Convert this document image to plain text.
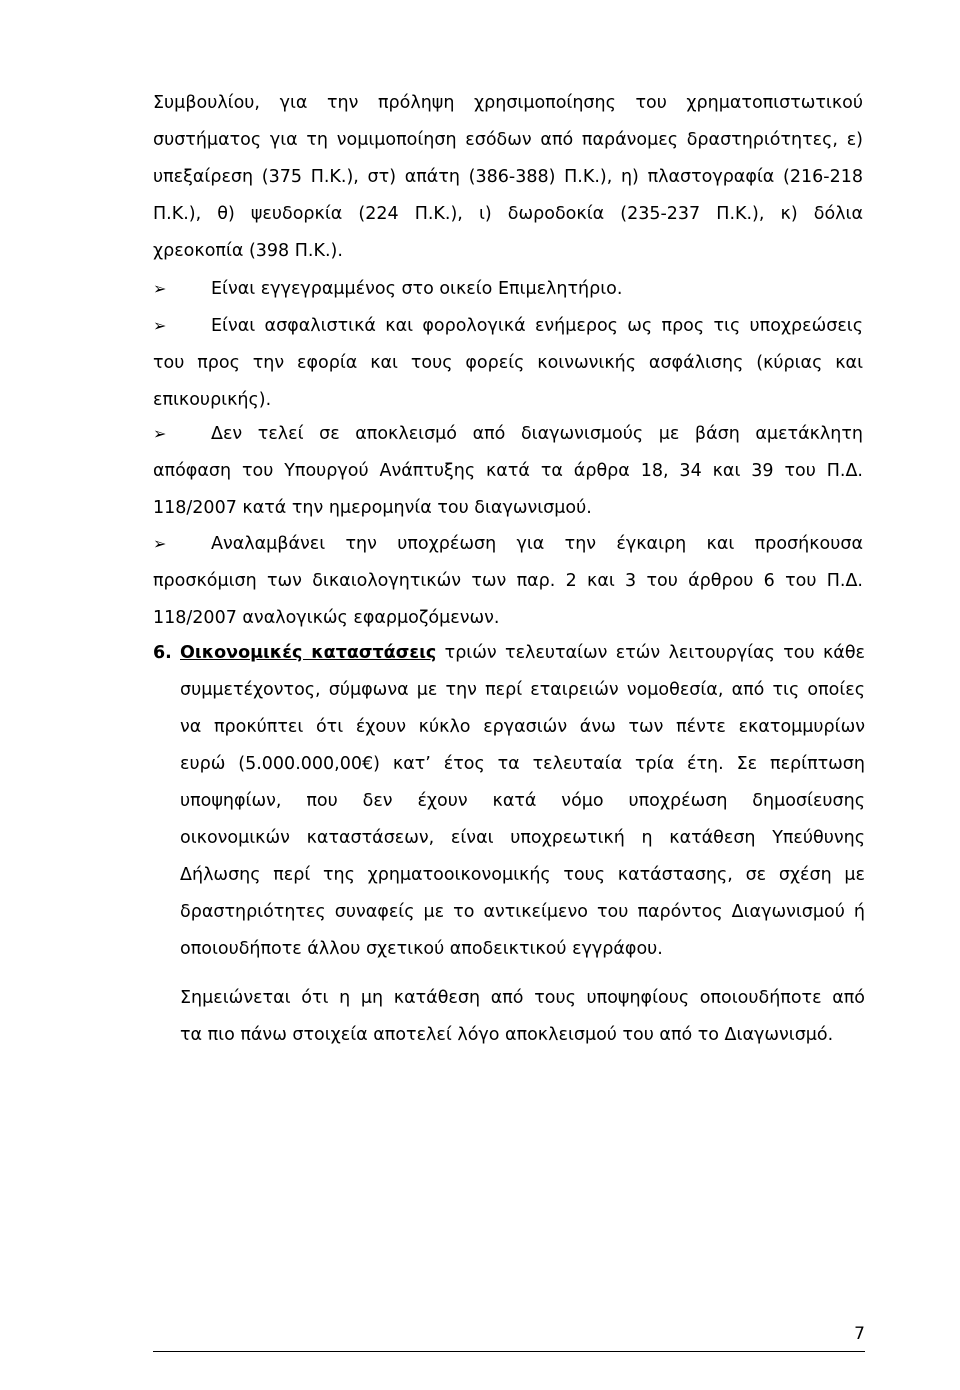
Συμβουλίου, για την πρόληψη χρησιμοποίησης του χρηματοπιστωτικού
συστήματος για τη νομιμοποίηση εσόδων από παράνομες δραστηριότητες, ε)
υπεξαίρεση (375 Π.Κ.), στ) απάτη (386-388) Π.Κ.), η) πλαστογραφία (216-218
Π.Κ.), θ) ψευδορκία (224 Π.Κ.), ι) δωροδοκία (235-237 Π.Κ.), κ) δόλια
χρεοκοπία (398 Π.Κ.).
➢	Είναι εγγεγραμμένος στο οικείο Επιμελητήριο.
➢	Είναι ασφαλιστικά και φορολογικά ενήμερος ως προς τις υποχρεώσεις
του προς την εφορία και τους φορείς κοινωνικής ασφάλισης (κύριας και
επικουρικής).
➢	Δεν τελεί σε αποκλεισμό από διαγωνισμούς με βάση αμετάκλητη
απόφαση του Υπουργού Ανάπτυξης κατά τα άρθρα 18, 34 και 39 του Π.Δ.
118/2007 κατά την ημερομηνία του διαγωνισμού.
➢	Αναλαμβάνει την υποχρέωση για την έγκαιρη και προσήκουσα
προσκόμιση των δικαιολογητικών των παρ. 2 και 3 του άρθρου 6 του Π.Δ.
118/2007 αναλογικώς εφαρμοζόμενων.
6. Οικονομικές καταστάσεις τριών τελευταίων ετών λειτουργίας του κάθε
συμμετέχοντος, σύμφωνα με την περί εταιρειών νομοθεσία, από τις οποίες
να προκύπτει ότι έχουν κύκλο εργασιών άνω των πέντε εκατομμυρίων
ευρώ (5.000.000,00€) κατ’ έτος τα τελευταία τρία έτη. Σε περίπτωση
υποψηφίων, που δεν έχουν κατά νόμο υποχρέωση δημοσίευσης
οικονομικών καταστάσεων, είναι υποχρεωτική η κατάθεση Υπεύθυνης
Δήλωσης περί της χρηματοοικονομικής τους κατάστασης, σε σχέση με
δραστηριότητες συναφείς με το αντικείμενο του παρόντος Διαγωνισμού ή
οποιουδήποτε άλλου σχετικού αποδεικτικού εγγράφου.
Σημειώνεται ότι η μη κατάθεση από τους υποψηφίους οποιουδήποτε από
τα πιο πάνω στοιχεία αποτελεί λόγο αποκλεισμού του από το Διαγωνισμό.
7
